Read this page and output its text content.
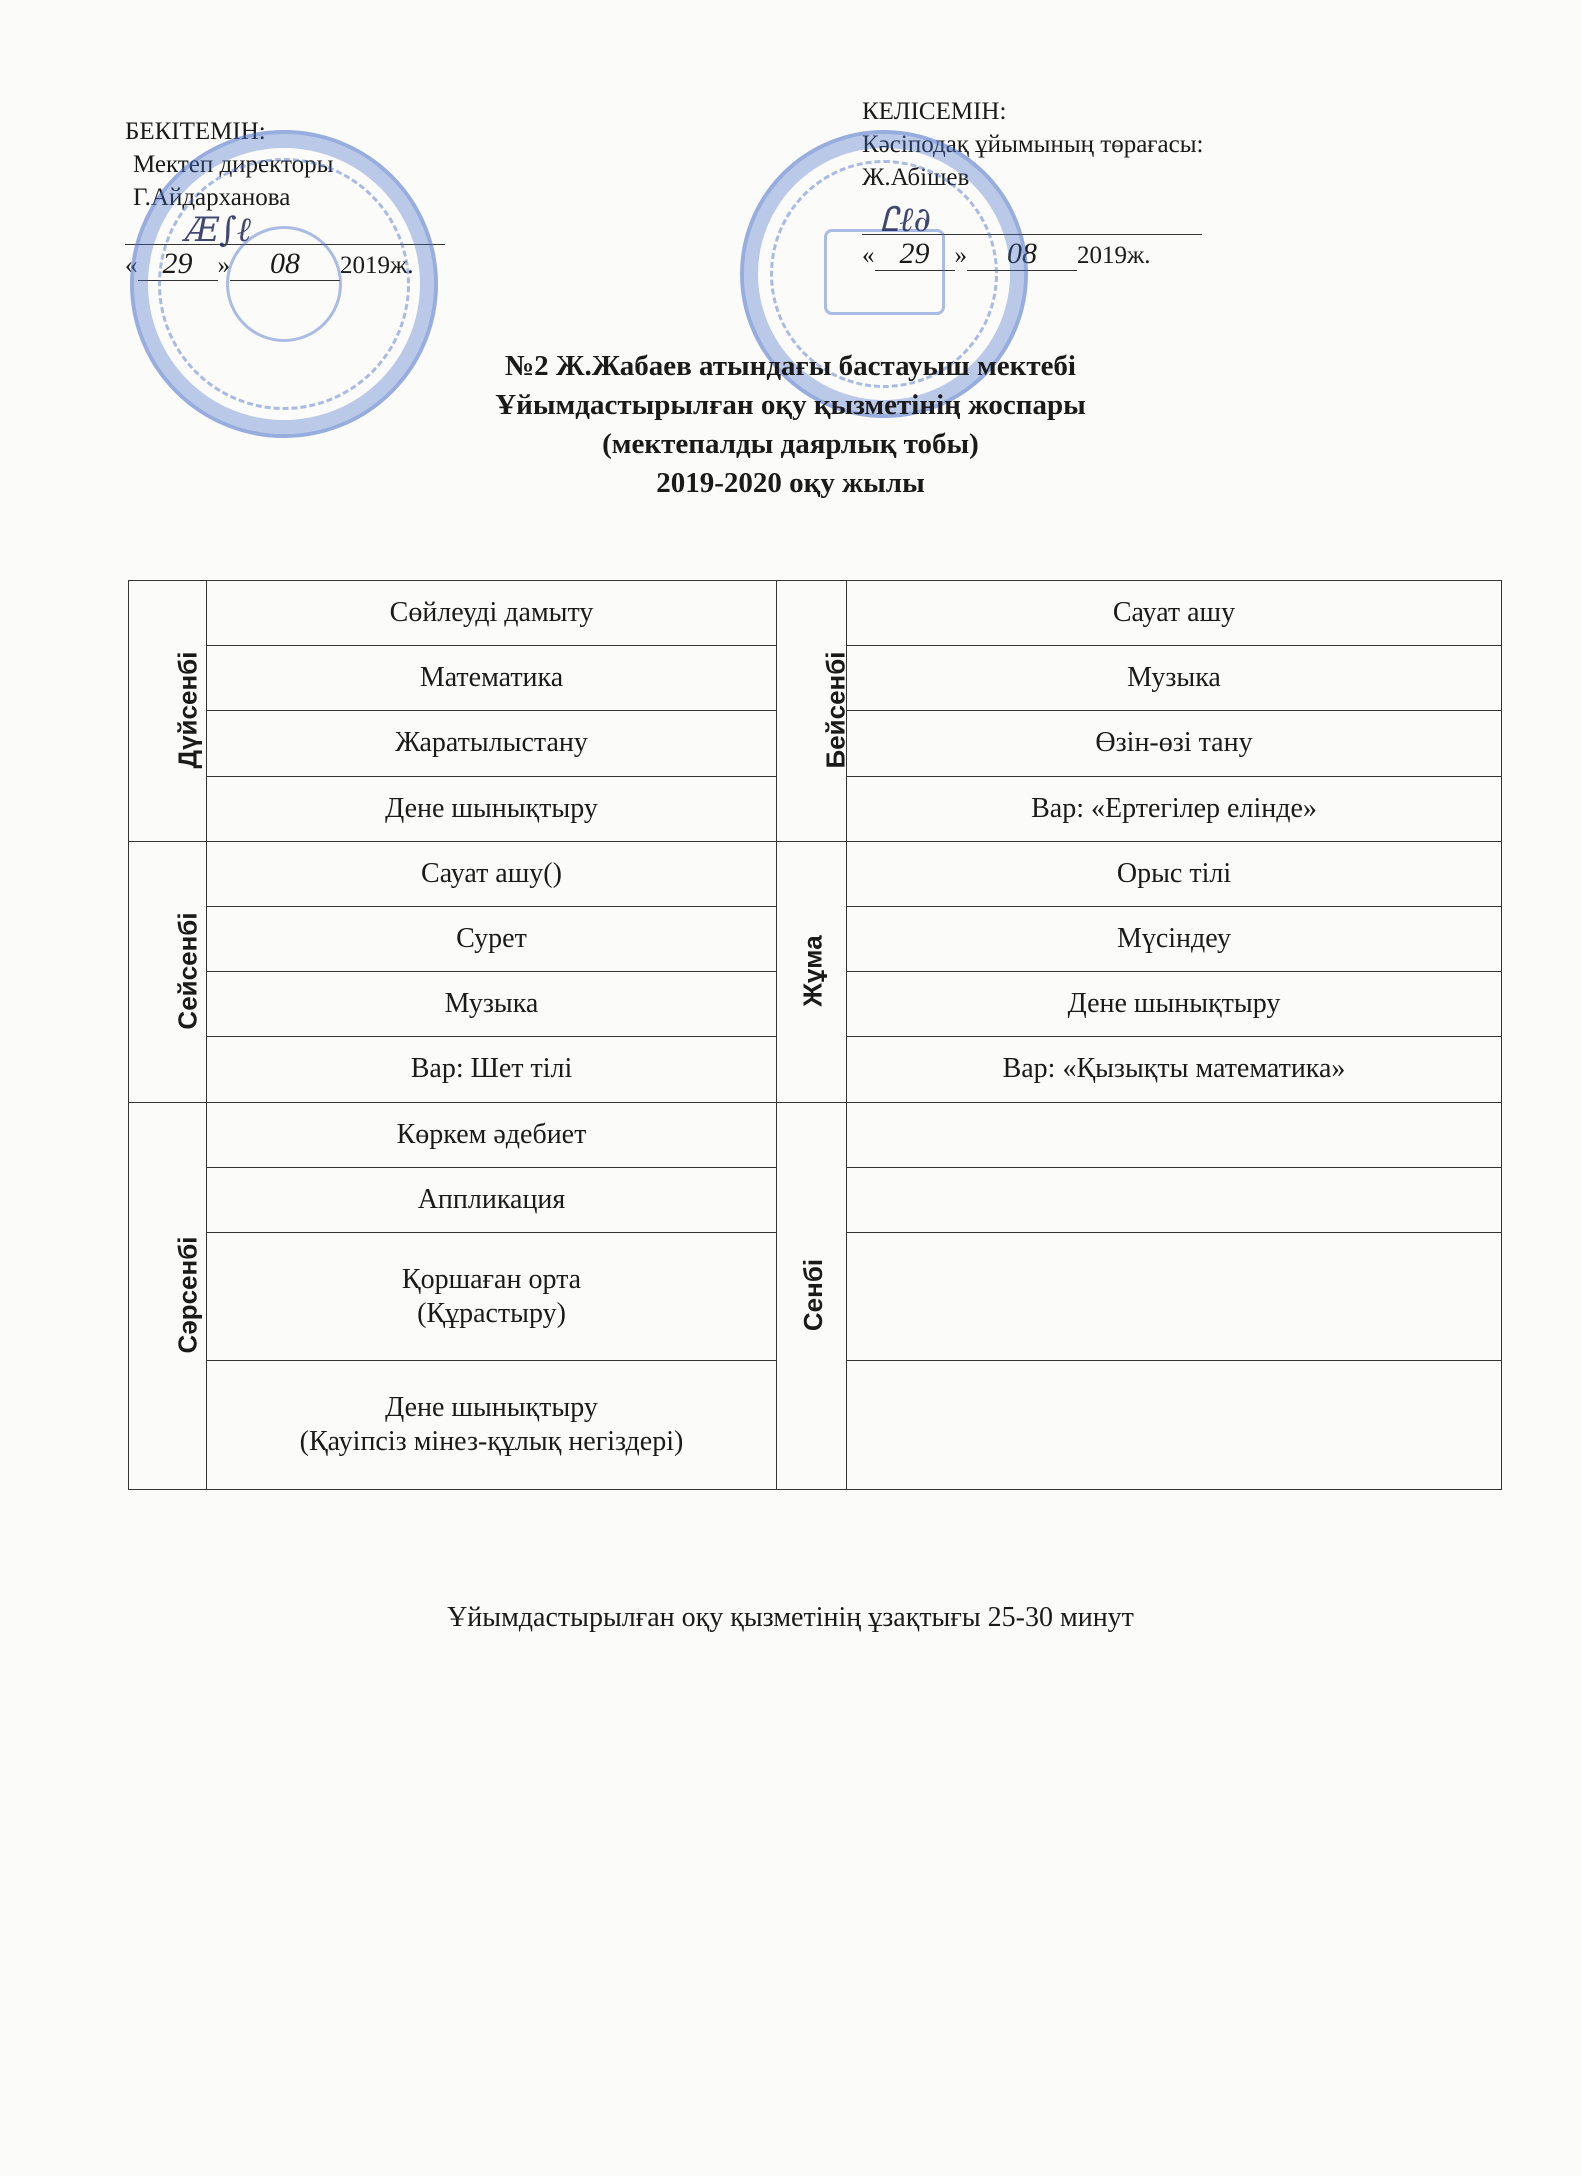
БЕКІТЕМІН:
Мектеп директоры
Г.Айдарханова
« 29 » 08 2019ж.
Ӕ∫ℓ
КЕЛІСЕМІН:
Кәсіподақ ұйымының төрағасы:
Ж.Абішев
« 29 » 08 2019ж.
Ꮭℓ∂
№2 Ж.Жабаев атындағы бастауыш мектебі
Ұйымдастырылған оқу қызметінің жоспары
(мектепалды даярлық тобы)
2019-2020 оқу жылы
Дүйсенбі	Сөйлеуді дамыту	Бейсенбі	Сауат ашу
	Математика		Музыка
	Жаратылыстану		Өзін-өзі тану
	Дене шынықтыру		Вар: «Ертегілер елінде»
Сейсенбі	Сауат ашу()	Жұма	Орыс тілі
	Сурет		Мүсіндеу
	Музыка		Дене шынықтыру
	Вар: Шет тілі		Вар: «Қызықты математика»
Сәрсенбі	Көркем әдебиет	Сенбі	
	Аппликация		

	Қоршаған орта
(Құрастыру)		

	Дене шынықтыру
(Қауіпсіз мінез-құлық негіздері)		

Ұйымдастырылған оқу қызметінің ұзақтығы 25-30 минут
